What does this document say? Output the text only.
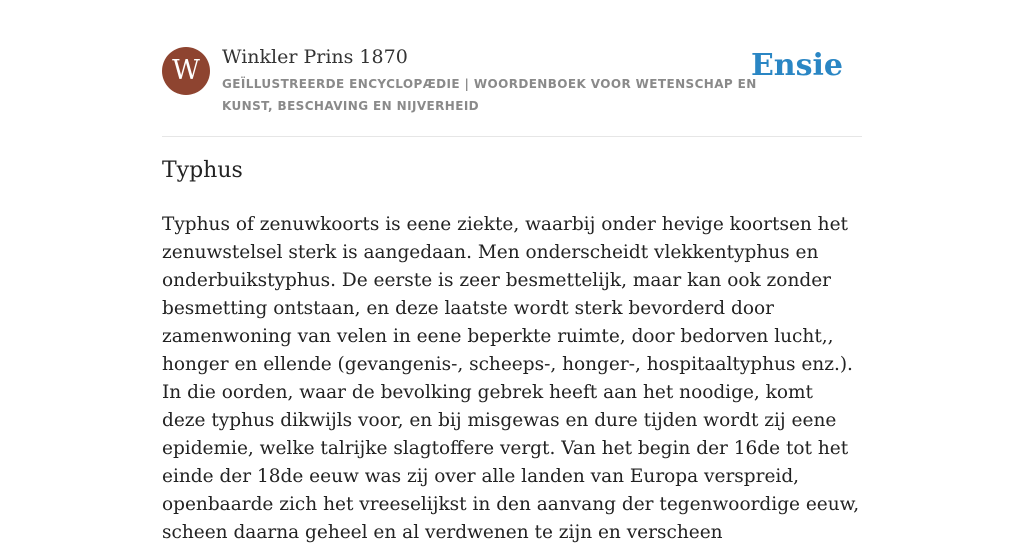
W	Winkler Prins 1870
GEÏLLUSTREERDE ENCYCLOPÆDIE | WOORDENBOEK VOOR WETENSCHAP EN KUNST, BESCHAVING EN NIJVERHEID
Ensie
Typhus

Typhus of zenuwkoorts is eene ziekte, waarbij onder hevige koortsen het zenuwstelsel sterk is aangedaan. Men onderscheidt vlekkentyphus en onderbuikstyphus. De eerste is zeer besmettelijk, maar kan ook zonder besmetting ontstaan, en deze laatste wordt sterk bevorderd door zamenwoning van velen in eene beperkte ruimte, door bedorven lucht,, honger en ellende (gevangenis-, scheeps-, honger-, hospitaaltyphus enz.). In die oorden, waar de bevolking gebrek heeft aan het noodige, komt deze typhus dikwijls voor, en bij misgewas en dure tijden wordt zij eene epidemie, welke talrijke slagtoffere vergt. Van het begin der 16de tot het einde der 18de eeuw was zij over alle landen van Europa verspreid, openbaarde zich het vreeselijkst in den aanvang der tegenwoordige eeuw, scheen daarna geheel en al verdwenen te zijn en verscheen
